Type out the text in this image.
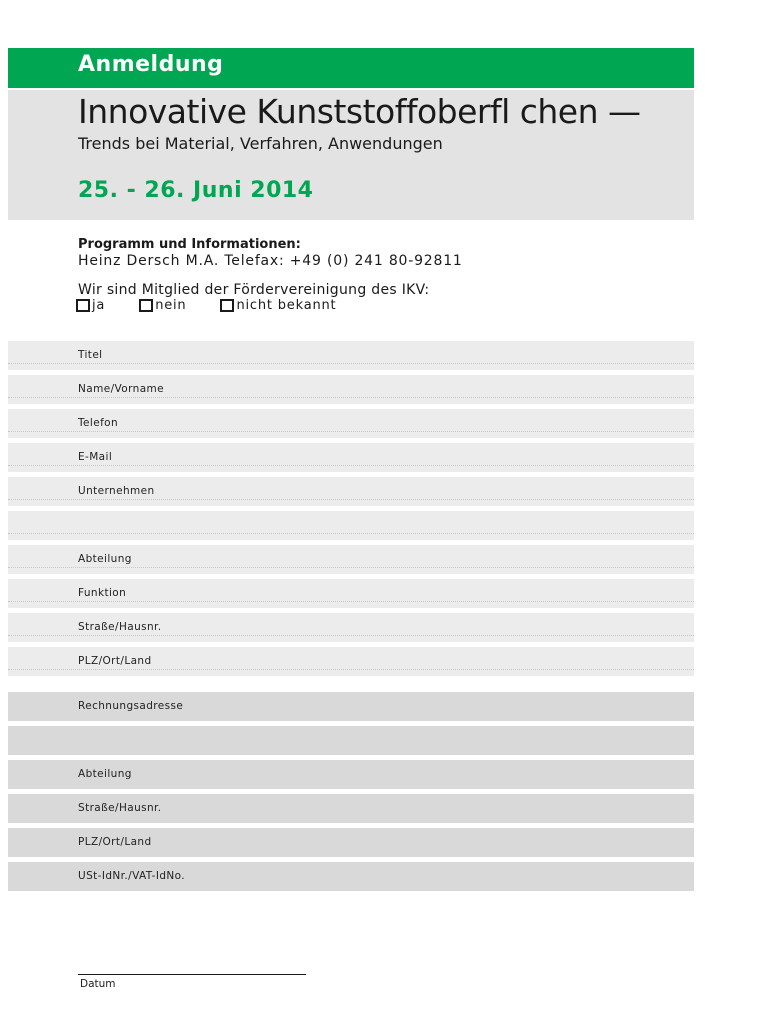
Anmeldung
Innovative Kunststoffoberfl chen —
Trends bei Material, Verfahren, Anwendungen
25. - 26. Juni 2014
Programm und Informationen:
Heinz Dersch M.A. Telefax: +49 (0) 241 80-92811
Wir sind Mitglied der Fördervereinigung des IKV:
ja	nein	nicht bekannt
Titel
Name/Vorname
Telefon
E-Mail
Unternehmen
Abteilung
Funktion
Straße/Hausnr.
PLZ/Ort/Land
Rechnungsadresse
Abteilung
Straße/Hausnr.
PLZ/Ort/Land
USt-IdNr./VAT-IdNo.
Datum
